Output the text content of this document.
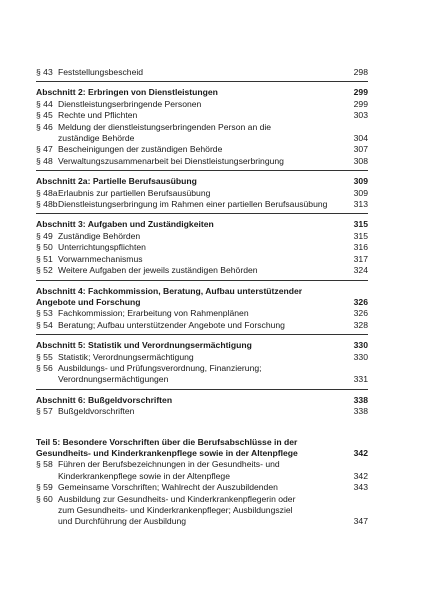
§ 43 Feststellungsbescheid	298
Abschnitt 2: Erbringen von Dienstleistungen	299
§ 44 Dienstleistungserbringende Personen	299
§ 45 Rechte und Pflichten	303
§ 46 Meldung der dienstleistungserbringenden Person an die
zuständige Behörde	304
§ 47 Bescheinigungen der zuständigen Behörde	307
§ 48 Verwaltungszusammenarbeit bei Dienstleistungserbringung	308
Abschnitt 2a: Partielle Berufsausübung	309
§ 48a Erlaubnis zur partiellen Berufsausübung	309
§ 48b Dienstleistungserbringung im Rahmen einer partiellen Berufsausübung	313
Abschnitt 3: Aufgaben und Zuständigkeiten	315
§ 49 Zuständige Behörden	315
§ 50 Unterrichtungspflichten	316
§ 51 Vorwarnmechanismus	317
§ 52 Weitere Aufgaben der jeweils zuständigen Behörden	324
Abschnitt 4: Fachkommission, Beratung, Aufbau unterstützender
Angebote und Forschung	326
§ 53 Fachkommission; Erarbeitung von Rahmenplänen	326
§ 54 Beratung; Aufbau unterstützender Angebote und Forschung	328
Abschnitt 5: Statistik und Verordnungsermächtigung	330
§ 55 Statistik; Verordnungsermächtigung	330
§ 56 Ausbildungs- und Prüfungsverordnung, Finanzierung;
Verordnungsermächtigungen	331
Abschnitt 6: Bußgeldvorschriften	338
§ 57 Bußgeldvorschriften	338
Teil 5: Besondere Vorschriften über die Berufsabschlüsse in der
Gesundheits- und Kinderkrankenpflege sowie in der Altenpflege	342
§ 58 Führen der Berufsbezeichnungen in der Gesundheits- und
Kinderkrankenpflege sowie in der Altenpflege	342
§ 59 Gemeinsame Vorschriften; Wahlrecht der Auszubildenden	343
§ 60 Ausbildung zur Gesundheits- und Kinderkrankenpflegerin oder
zum Gesundheits- und Kinderkrankenpfleger; Ausbildungsziel
und Durchführung der Ausbildung	347
